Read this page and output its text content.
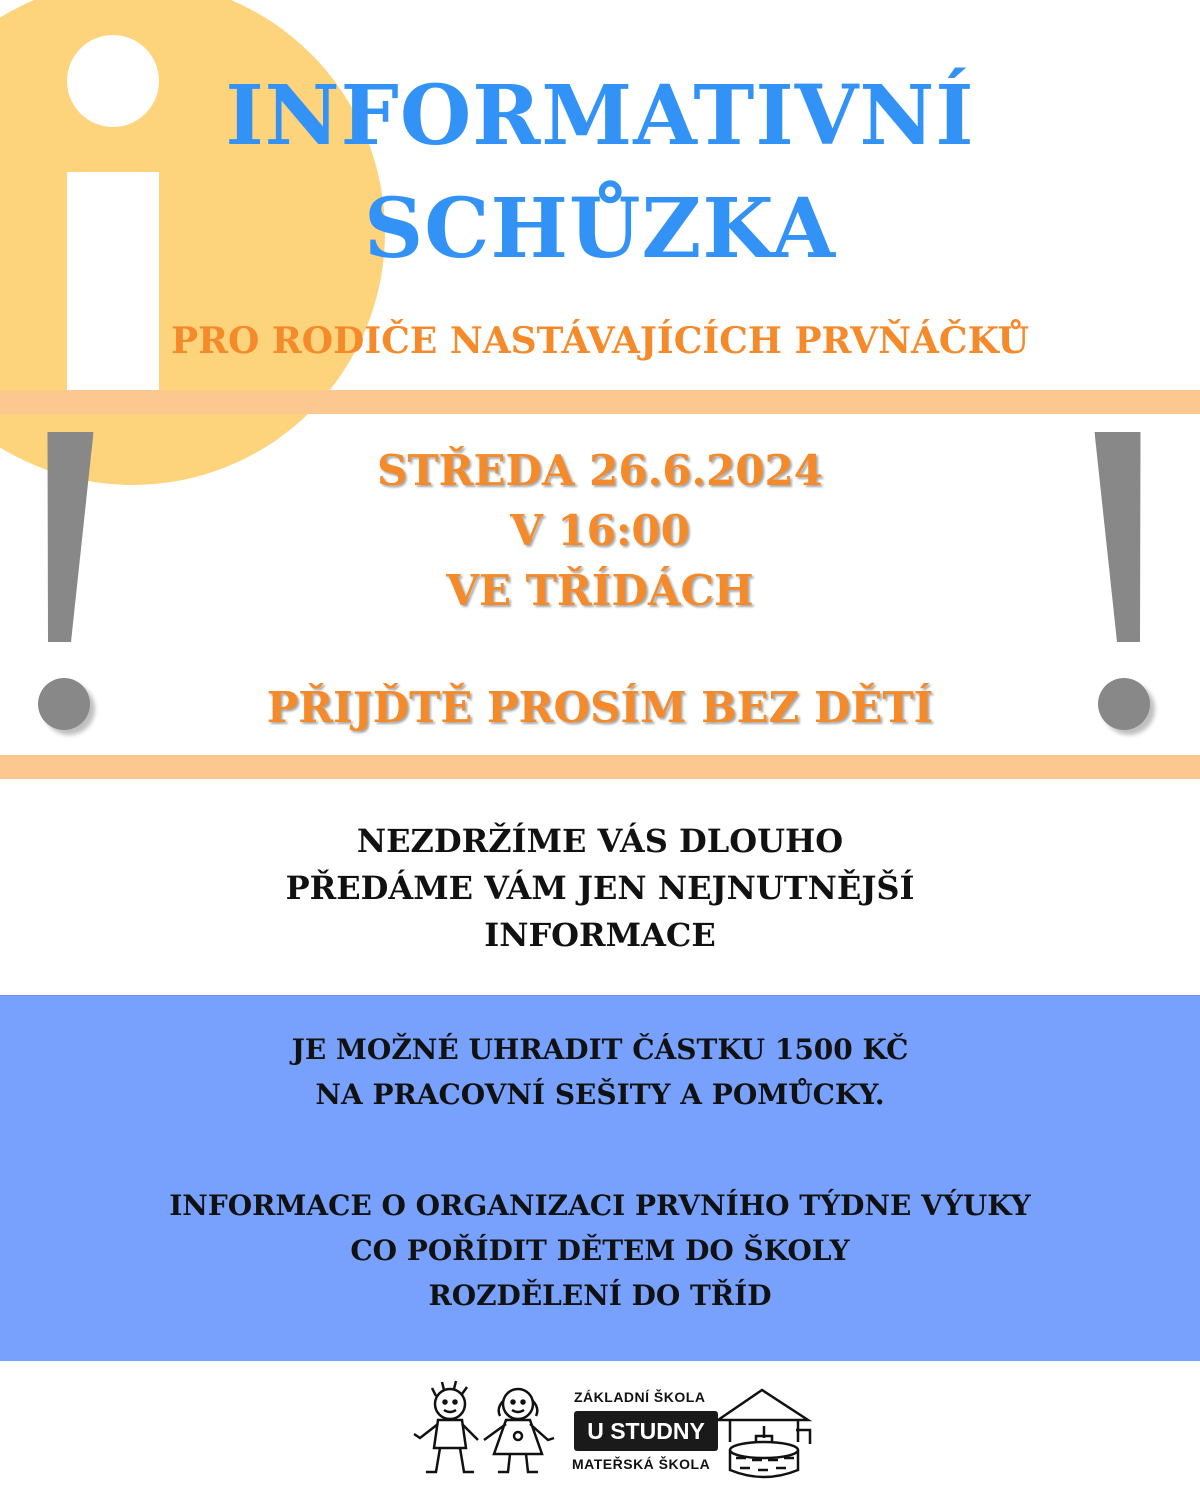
INFORMATIVNÍ
SCHŮZKA
PRO RODIČE NASTÁVAJÍCÍCH PRVŇÁČKŮ
STŘEDA 26.6.2024
V 16:00
VE TŘÍDÁCH
PŘIJĎTĚ PROSÍM BEZ DĚTÍ
NEZDRŽÍME VÁS DLOUHO
PŘEDÁME VÁM JEN NEJNUTNĚJŠÍ
INFORMACE
JE MOŽNÉ UHRADIT ČÁSTKU 1500 KČ
NA PRACOVNÍ SEŠITY A POMŮCKY.
INFORMACE O ORGANIZACI PRVNÍHO TÝDNE VÝUKY
CO POŘÍDIT DĚTEM DO ŠKOLY
ROZDĚLENÍ DO TŘÍD
ZÁKLADNÍ ŠKOLA
MATEŘSKÁ ŠKOLA
U STUDNY
